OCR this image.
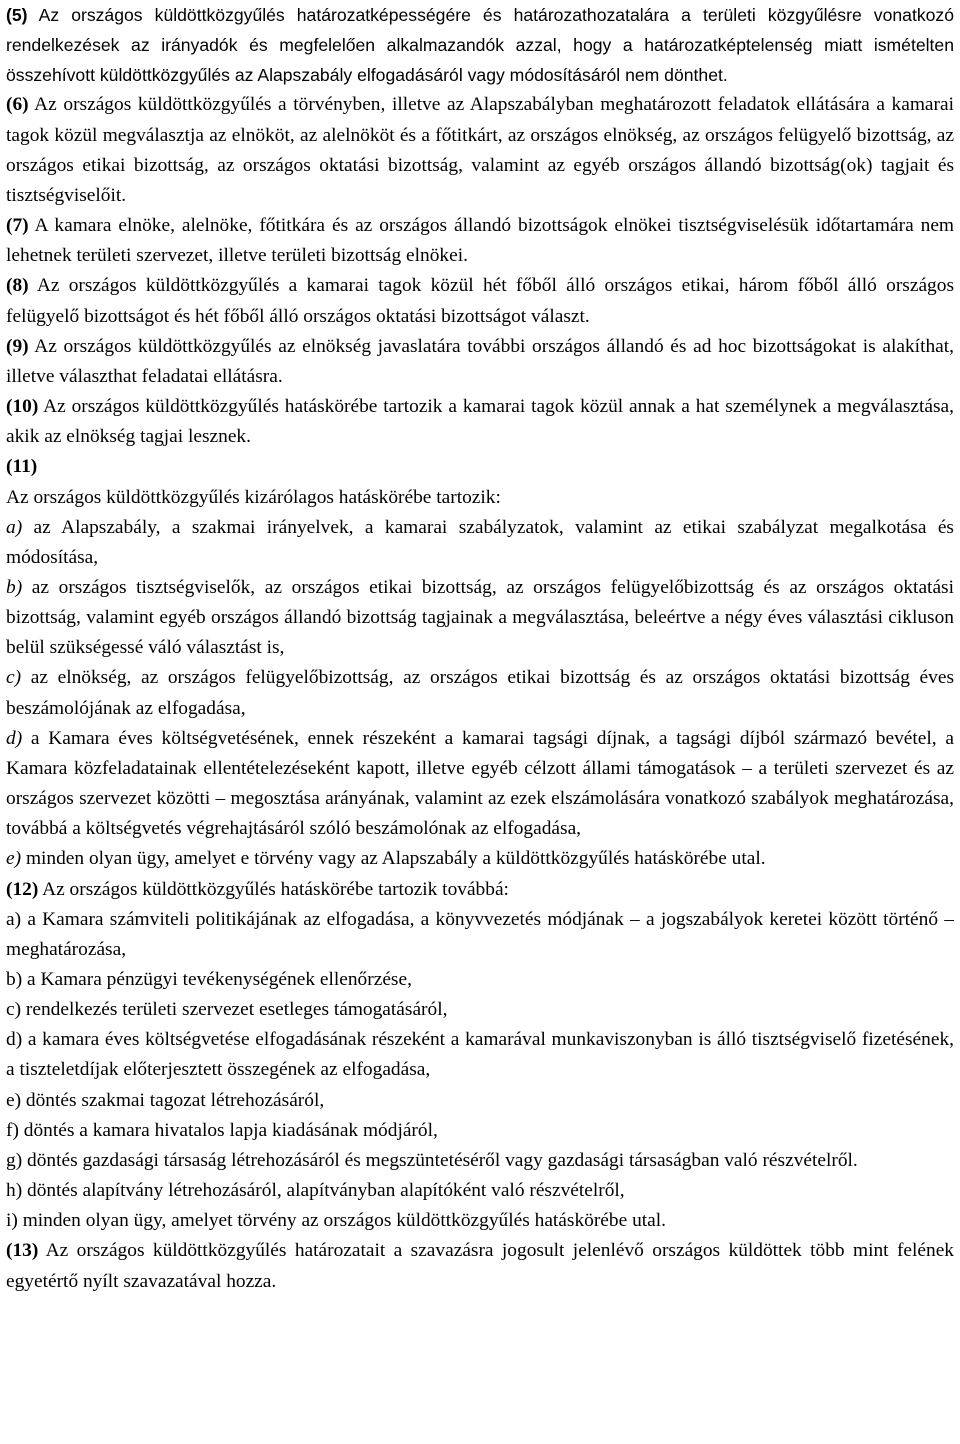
(5) Az országos küldöttközgyűlés határozatképességére és határozathozatalára a területi közgyűlésre vonatkozó rendelkezések az irányadók és megfelelően alkalmazandók azzal, hogy a határozatképtelenség miatt ismételten összehívott küldöttközgyűlés az Alapszabály elfogadásáról vagy módosításáról nem dönthet.

(6) Az országos küldöttközgyűlés a törvényben, illetve az Alapszabályban meghatározott feladatok ellátására a kamarai tagok közül megválasztja az elnököt, az alelnököt és a főtitkárt, az országos elnökség, az országos felügyelő bizottság, az országos etikai bizottság, az országos oktatási bizottság, valamint az egyéb országos állandó bizottság(ok) tagjait és tisztségviselőit.

(7) A kamara elnöke, alelnöke, főtitkára és az országos állandó bizottságok elnökei tisztségviselésük időtartamára nem lehetnek területi szervezet, illetve területi bizottság elnökei.

(8) Az országos küldöttközgyűlés a kamarai tagok közül hét főből álló országos etikai, három főből álló országos felügyelő bizottságot és hét főből álló országos oktatási bizottságot választ.

(9) Az országos küldöttközgyűlés az elnökség javaslatára további országos állandó és ad hoc bizottságokat is alakíthat, illetve választhat feladatai ellátásra.

(10) Az országos küldöttközgyűlés hatáskörébe tartozik a kamarai tagok közül annak a hat személynek a megválasztása, akik az elnökség tagjai lesznek.

(11)

Az országos küldöttközgyűlés kizárólagos hatáskörébe tartozik:

a) az Alapszabály, a szakmai irányelvek, a kamarai szabályzatok, valamint az etikai szabályzat megalkotása és módosítása,

b) az országos tisztségviselők, az országos etikai bizottság, az országos felügyelőbizottság és az országos oktatási bizottság, valamint egyéb országos állandó bizottság tagjainak a megválasztása, beleértve a négy éves választási cikluson belül szükségessé váló választást is,

c) az elnökség, az országos felügyelőbizottság, az országos etikai bizottság és az országos oktatási bizottság éves beszámolójának az elfogadása,

d) a Kamara éves költségvetésének, ennek részeként a kamarai tagsági díjnak, a tagsági díjból származó bevétel, a Kamara közfeladatainak ellentételezéseként kapott, illetve egyéb célzott állami támogatások – a területi szervezet és az országos szervezet közötti – megosztása arányának, valamint az ezek elszámolására vonatkozó szabályok meghatározása, továbbá a költségvetés végrehajtásáról szóló beszámolónak az elfogadása,

e) minden olyan ügy, amelyet e törvény vagy az Alapszabály a küldöttközgyűlés hatáskörébe utal.

(12) Az országos küldöttközgyűlés hatáskörébe tartozik továbbá:

a) a Kamara számviteli politikájának az elfogadása, a könyvvezetés módjának – a jogszabályok keretei között történő – meghatározása,

b) a Kamara pénzügyi tevékenységének ellenőrzése,

c) rendelkezés területi szervezet esetleges támogatásáról,

d) a kamara éves költségvetése elfogadásának részeként a kamarával munkaviszonyban is álló tisztségviselő fizetésének, a tiszteletdíjak előterjesztett összegének az elfogadása,

e) döntés szakmai tagozat létrehozásáról,

f) döntés a kamara hivatalos lapja kiadásának módjáról,

g) döntés gazdasági társaság létrehozásáról és megszüntetéséről vagy gazdasági társaságban való részvételről.

h) döntés alapítvány létrehozásáról, alapítványban alapítóként való részvételről,

i) minden olyan ügy, amelyet törvény az országos küldöttközgyűlés hatáskörébe utal.

(13) Az országos küldöttközgyűlés határozatait a szavazásra jogosult jelenlévő országos küldöttek több mint felének egyetértő nyílt szavazatával hozza.
